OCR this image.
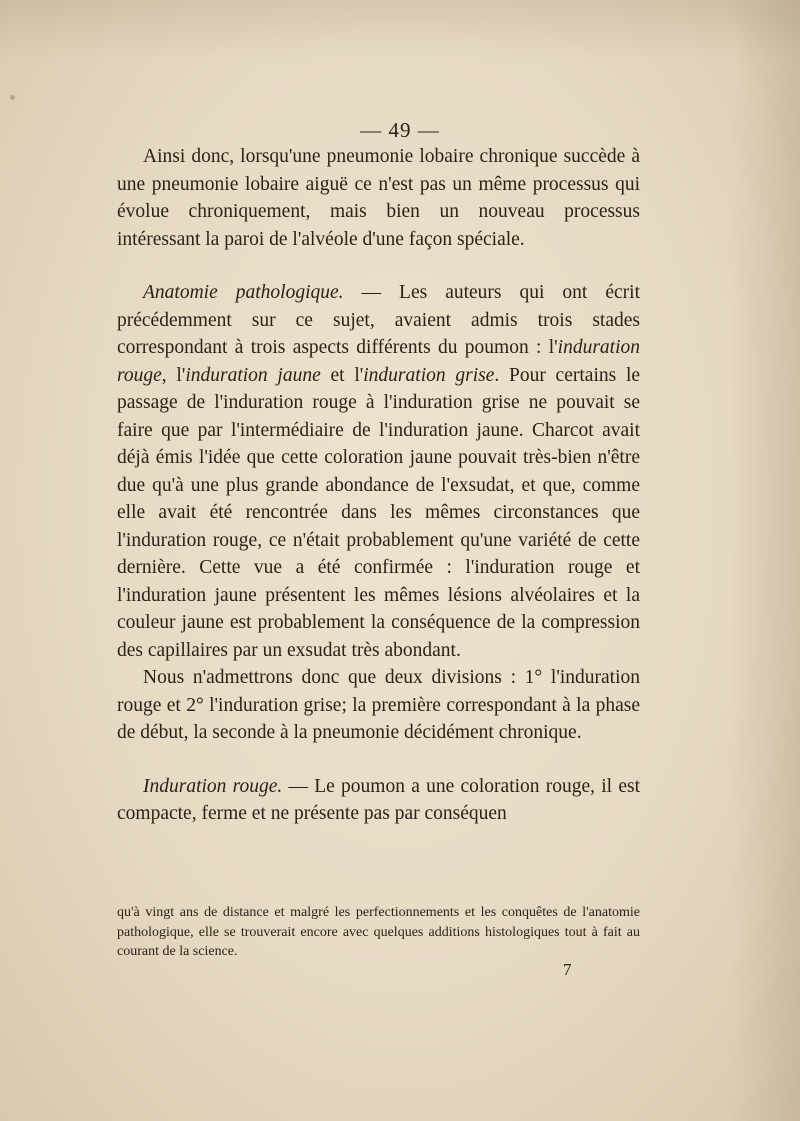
— 49 —

Ainsi donc, lorsqu'une pneumonie lobaire chronique succède à une pneumonie lobaire aiguë ce n'est pas un même processus qui évolue chroniquement, mais bien un nouveau processus intéressant la paroi de l'alvéole d'une façon spéciale.

Anatomie pathologique. — Les auteurs qui ont écrit précédemment sur ce sujet, avaient admis trois stades correspondant à trois aspects différents du poumon : l'induration rouge, l'induration jaune et l'induration grise. Pour certains le passage de l'induration rouge à l'induration grise ne pouvait se faire que par l'intermédiaire de l'induration jaune. Charcot avait déjà émis l'idée que cette coloration jaune pouvait très-bien n'être due qu'à une plus grande abondance de l'exsudat, et que, comme elle avait été rencontrée dans les mêmes circonstances que l'induration rouge, ce n'était probablement qu'une variété de cette dernière. Cette vue a été confirmée : l'induration rouge et l'induration jaune présentent les mêmes lésions alvéolaires et la couleur jaune est probablement la conséquence de la compression des capillaires par un exsudat très abondant.

Nous n'admettrons donc que deux divisions : 1° l'induration rouge et 2° l'induration grise; la première correspondant à la phase de début, la seconde à la pneumonie décidément chronique.

Induration rouge. — Le poumon a une coloration rouge, il est compacte, ferme et ne présente pas par conséquen

qu'à vingt ans de distance et malgré les perfectionnements et les conquêtes de l'anatomie pathologique, elle se trouverait encore avec quelques additions histologiques tout à fait au courant de la science.
7
